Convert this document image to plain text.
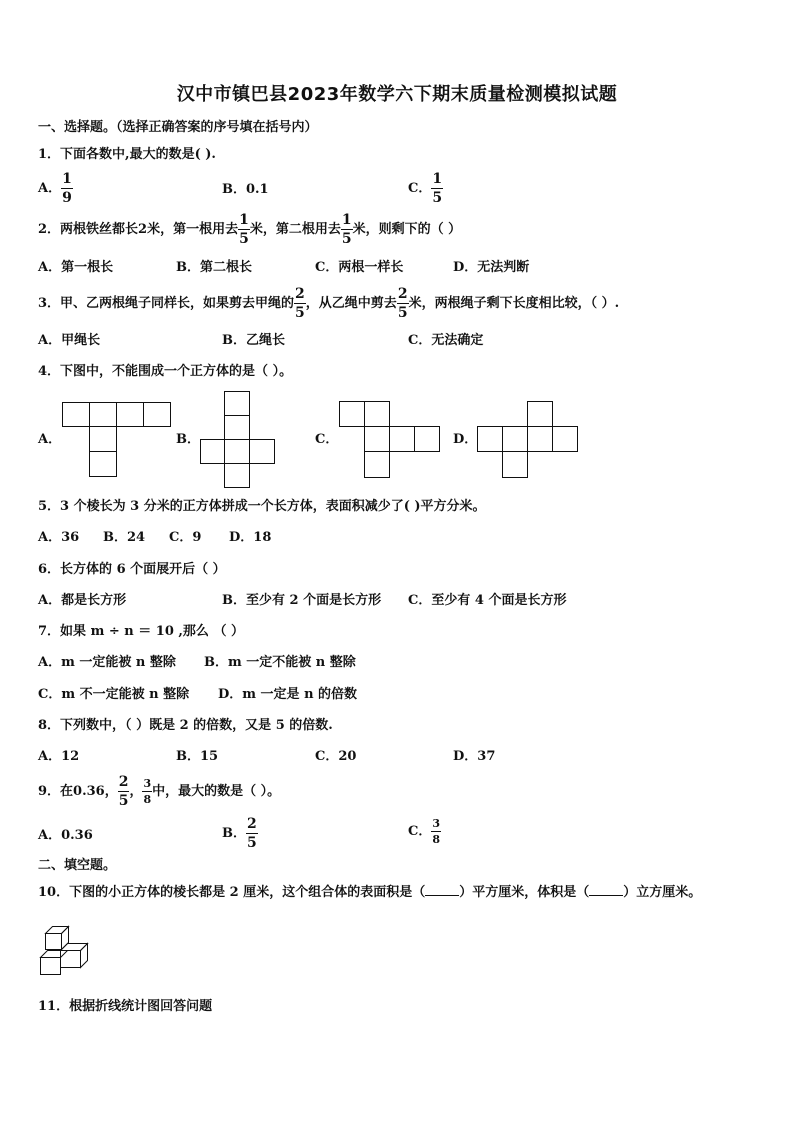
汉中市镇巴县2023年数学六下期末质量检测模拟试题
一、选择题。（选择正确答案的序号填在括号内）
1．下面各数中,最大的数是( ).
A． $\frac{1}{9}$	B．0.1	C． $\frac{1}{5}$
2．两根铁丝都长2米，第一根用去 $\frac{1}{5}$ 米，第二根用去 $\frac{1}{5}$ 米，则剩下的（ ）
A．第一根长	B．第二根长	C．两根一样长	D．无法判断
3．甲、乙两根绳子同样长，如果剪去甲绳的 $\frac{2}{5}$ ，从乙绳中剪去 $\frac{2}{5}$ 米，两根绳子剩下长度相比较，（ ）.
A．甲绳长	B．乙绳长	C．无法确定
4．下图中，不能围成一个正方体的是（ ）。
A．	B．	C．	D．
5．3 个棱长为 3 分米的正方体拼成一个长方体，表面积减少了( )平方分米。
A．36 B．24 C．9 D．18
6．长方体的 6 个面展开后（ ）
A．都是长方形	B．至少有 2 个面是长方形 C．至少有 4 个面是长方形
7．如果 m ÷ n ＝ 10 ,那么 （ ）
A．m 一定能被 n 整除 B．m 一定不能被 n 整除
C．m 不一定能被 n 整除 D．m 一定是 n 的倍数
8．下列数中，（ ）既是 2 的倍数，又是 5 的倍数.
A．12	B．15	C．20	D．37
9．在0.36， $\frac{2}{5}$ ， $\frac{3}{8}$ 中，最大的数是（ ）。
A．0.36	B． $\frac{2}{5}$	C． $\frac{3}{8}$
二、填空题。
10．下图的小正方体的棱长都是 2 厘米，这个组合体的表面积是（	）平方厘米，体积是（	）立方厘米。
11．根据折线统计图回答问题
